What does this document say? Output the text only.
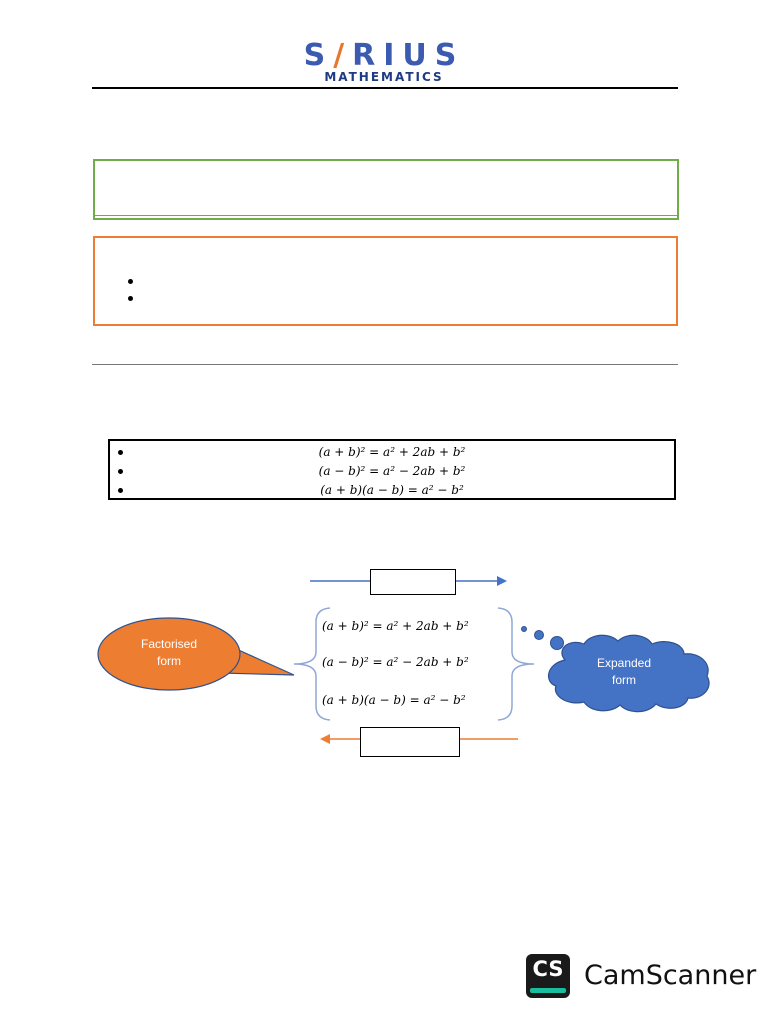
S/RIUS
MATHEMATICS
(a + b)² = a² + 2ab + b²
(a − b)² = a² − 2ab + b²
(a + b)(a − b) = a² − b²
(a + b)² = a² + 2ab + b²
(a − b)² = a² − 2ab + b²
(a + b)(a − b) = a² − b²
Factorised
form	Expanded
form
CS CamScanner
